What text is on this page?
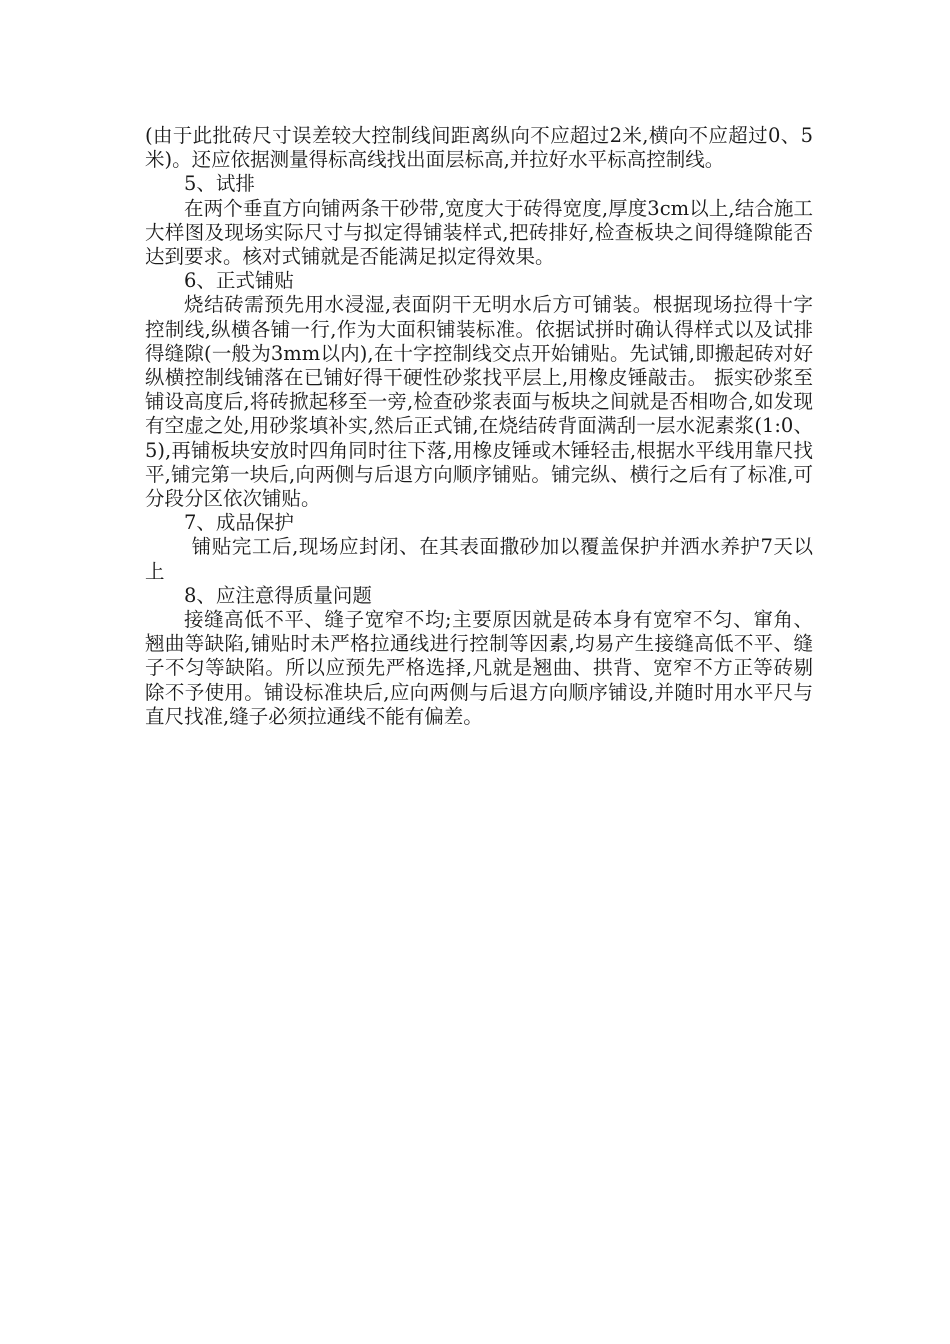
(由于此批砖尺寸误差较大控制线间距离纵向不应超过2米,横向不应超过0、5米)。还应依据测量得标高线找出面层标高,并拉好水平标高控制线。

5、试排

在两个垂直方向铺两条干砂带,宽度大于砖得宽度,厚度3cm以上,结合施工大样图及现场实际尺寸与拟定得铺装样式,把砖排好,检查板块之间得缝隙能否达到要求。核对式铺就是否能满足拟定得效果。

6、正式铺贴

烧结砖需预先用水浸湿,表面阴干无明水后方可铺装。根据现场拉得十字控制线,纵横各铺一行,作为大面积铺装标准。依据试拼时确认得样式以及试排得缝隙(一般为3mm以内),在十字控制线交点开始铺贴。先试铺,即搬起砖对好纵横控制线铺落在已铺好得干硬性砂浆找平层上,用橡皮锤敲击。 振实砂浆至铺设高度后,将砖掀起移至一旁,检查砂浆表面与板块之间就是否相吻合,如发现有空虚之处,用砂浆填补实,然后正式铺,在烧结砖背面满刮一层水泥素浆(1:0、5),再铺板块安放时四角同时往下落,用橡皮锤或木锤轻击,根据水平线用靠尺找平,铺完第一块后,向两侧与后退方向顺序铺贴。铺完纵、横行之后有了标准,可分段分区依次铺贴。

7、成品保护

铺贴完工后,现场应封闭、在其表面撒砂加以覆盖保护并洒水养护7天以上

8、应注意得质量问题

接缝高低不平、缝子宽窄不均;主要原因就是砖本身有宽窄不匀、窜角、翘曲等缺陷,铺贴时未严格拉通线进行控制等因素,均易产生接缝高低不平、缝子不匀等缺陷。所以应预先严格选择,凡就是翘曲、拱背、宽窄不方正等砖剔除不予使用。铺设标准块后,应向两侧与后退方向顺序铺设,并随时用水平尺与直尺找准,缝子必须拉通线不能有偏差。
